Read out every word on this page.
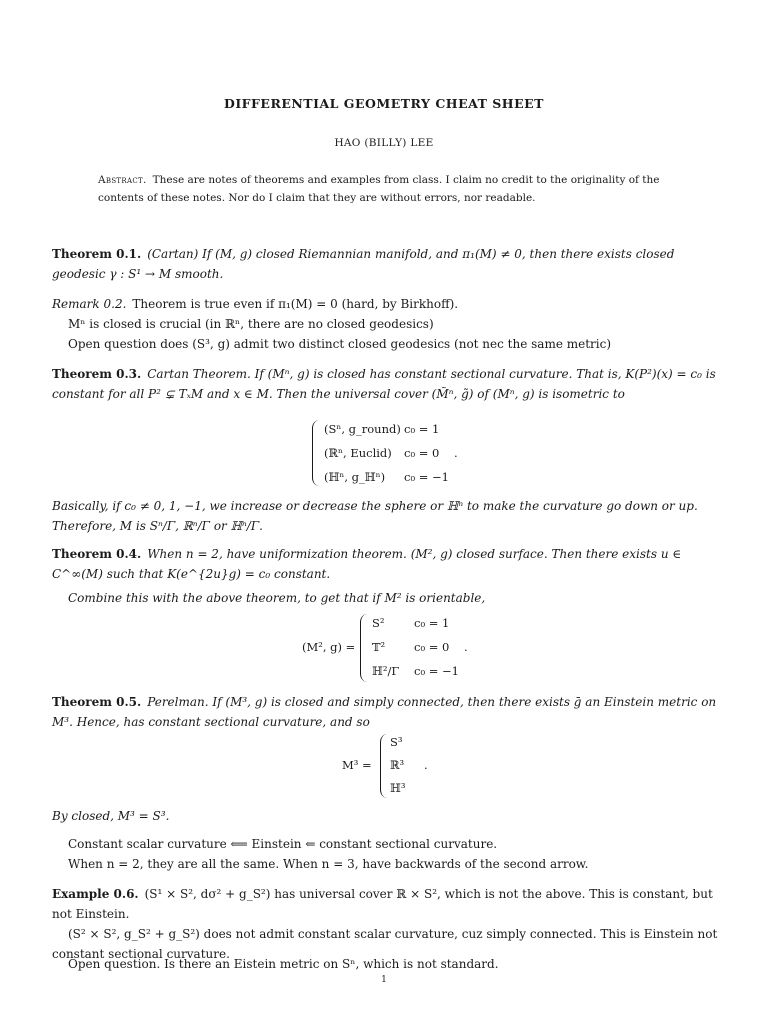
DIFFERENTIAL GEOMETRY CHEAT SHEET
HAO (BILLY) LEE
Abstract. These are notes of theorems and examples from class. I claim no credit to the originality of the contents of these notes. Nor do I claim that they are without errors, nor readable.
Theorem 0.1. (Cartan) If (M, g) closed Riemannian manifold, and π₁(M) ≠ 0, then there exists closed geodesic γ : S¹ → M smooth.
Remark 0.2. Theorem is true even if π₁(M) = 0 (hard, by Birkhoff).
Mⁿ is closed is crucial (in ℝⁿ, there are no closed geodesics)
Open question does (S³, g) admit two distinct closed geodesics (not nec the same metric)
Theorem 0.3. Cartan Theorem. If (Mⁿ, g) is closed has constant sectional curvature. That is, K(P²)(x) = c₀ is constant for all P² ⊊ TₓM and x ∈ M. Then the universal cover (M̃ⁿ, g̃) of (Mⁿ, g) is isometric to
(Sⁿ, g_round) c₀ = 1
(ℝⁿ, Euclid) c₀ = 0
(ℍⁿ, g_ℍⁿ) c₀ = −1
.
Basically, if c₀ ≠ 0, 1, −1, we increase or decrease the sphere or ℍⁿ to make the curvature go down or up. Therefore, M is Sⁿ/Γ, ℝⁿ/Γ or ℍⁿ/Γ.
Theorem 0.4. When n = 2, have uniformization theorem. (M², g) closed surface. Then there exists u ∈ C^∞(M) such that K(e^{2u}g) = c₀ constant.
Combine this with the above theorem, to get that if M² is orientable,
(M², g) =
S²	c₀ = 1
𝕋²	c₀ = 0
ℍ²/Γ c₀ = −1
.
Theorem 0.5. Perelman. If (M³, g) is closed and simply connected, then there exists ḡ an Einstein metric on M³. Hence, has constant sectional curvature, and so
M³ =
S³
ℝ³
ℍ³
.
By closed, M³ = S³.
Constant scalar curvature ⟸ Einstein ⇐ constant sectional curvature.
When n = 2, they are all the same. When n = 3, have backwards of the second arrow.
Example 0.6. (S¹ × S², dσ² + g_S²) has universal cover ℝ × S², which is not the above. This is constant, but not Einstein.
(S² × S², g_S² + g_S²) does not admit constant scalar curvature, cuz simply connected. This is Einstein not constant sectional curvature.
Open question. Is there an Eistein metric on Sⁿ, which is not standard.
1
